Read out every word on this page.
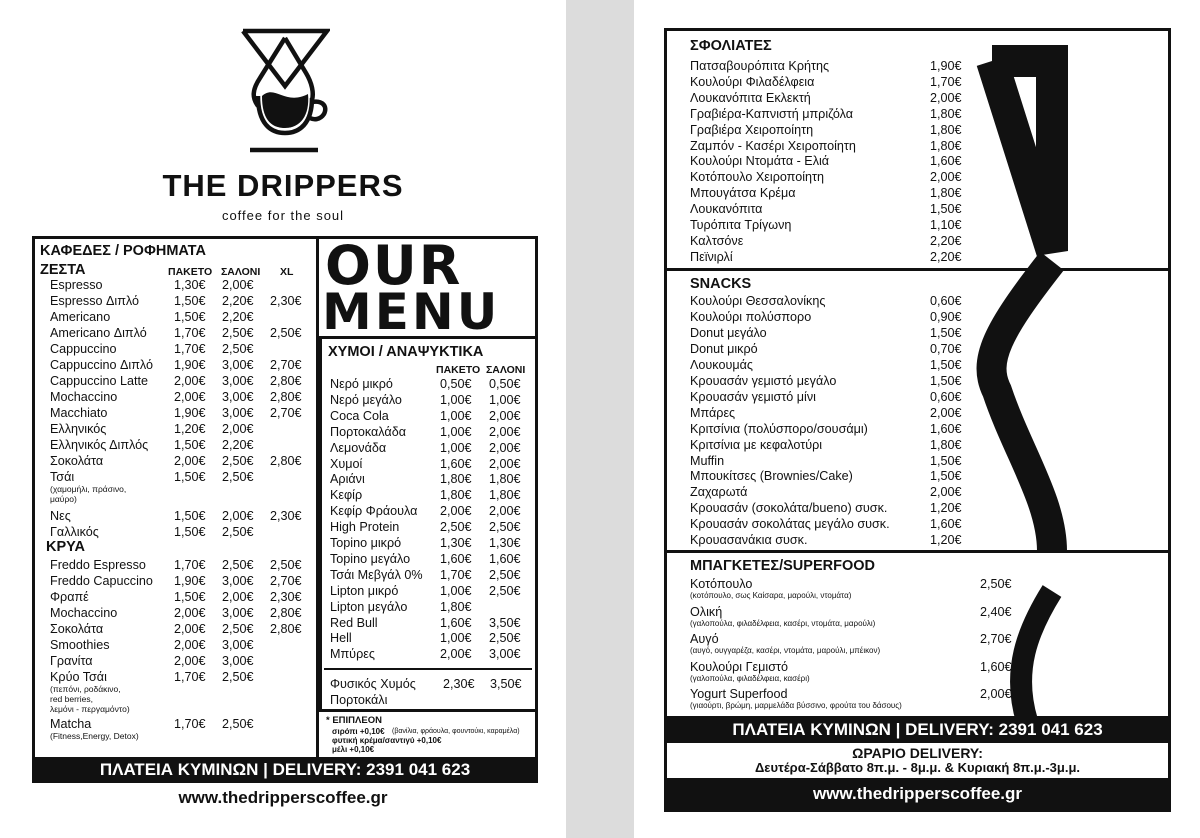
THE DRIPPERS
coffee for the soul
OUR
MENU
ΠΛΑΤΕΙΑ ΚΥΜΙΝΩΝ | DELIVERY: 2391 041 623
www.thedripperscoffee.gr
ΚΑΦΕΔΕΣ / ΡΟΦΗΜΑΤΑ
ΖΕΣΤΑ	ΠΑΚΕΤΟ ΣΑΛΟΝΙ XL
Espresso	1,30€ 2,00€
Espresso Διπλό	1,50€ 2,20€ 2,30€
Americano	1,50€ 2,20€
Americano Διπλό 1,70€ 2,50€ 2,50€
Cappuccino	1,70€ 2,50€
Cappuccino Διπλό 1,90€ 3,00€ 2,70€
Cappuccino Latte 2,00€ 3,00€ 2,80€
Mochaccino	2,00€ 3,00€ 2,80€
Macchiato	1,90€ 3,00€ 2,70€
Ελληνικός	1,20€ 2,00€
Ελληνικός Διπλός 1,50€ 2,20€
Σοκολάτα	2,00€ 2,50€ 2,80€
Τσάι	1,50€ 2,50€
(χαμομήλι, πράσινο,
μαύρο)
Νες	1,50€ 2,00€ 2,30€
Γαλλικός	1,50€ 2,50€
ΚΡΥΑ
Freddo Espresso 1,70€ 2,50€ 2,50€
Freddo Capuccino 1,90€ 3,00€ 2,70€
Φραπέ	1,50€ 2,00€ 2,30€
Mochaccino	2,00€ 3,00€ 2,80€
Σοκολάτα	2,00€ 2,50€ 2,80€
Smoothies	2,00€ 3,00€
Γρανίτα	2,00€ 3,00€
Κρύο Τσάι	1,70€ 2,50€
(πεπόνι, ροδάκινο,
red berries,
λεμόνι - περγαμόντο)
Matcha	1,70€ 2,50€
(Fitness,Energy, Detox)
ΧΥΜΟΙ / ΑΝΑΨΥΚΤΙΚΑ
ΠΑΚΕΤΟ ΣΑΛΟΝΙ
Νερό μικρό	0,50€ 0,50€
Νερό μεγάλο	1,00€ 1,00€
Coca Cola	1,00€ 2,00€
Πορτοκαλάδα	1,00€ 2,00€
Λεμονάδα	1,00€ 2,00€
Χυμοί	1,60€ 2,00€
Αριάνι	1,80€ 1,80€
Κεφίρ	1,80€ 1,80€
Κεφίρ Φράουλα 2,00€ 2,00€
High Protein	2,50€ 2,50€
Topino μικρό	1,30€ 1,30€
Topino μεγάλο 1,60€ 1,60€
Τσάι Μεβγάλ 0% 1,70€ 2,50€
Lipton μικρό	1,00€ 2,50€
Lipton μεγάλο	1,80€
Red Bull	1,60€ 3,50€
Hell	1,00€ 2,50€
Μπύρες	2,00€ 3,00€
Φυσικός Χυμός 2,30€ 3,50€
Πορτοκάλι
* ΕΠΙΠΛΕΟΝ
σιρόπι +0,10€ (βανίλια, φράουλα, φουντούκι, καραμέλα)
φυτική κρέμα/σαντιγύ +0,10€
μέλι +0,10€
ΠΛΑΤΕΙΑ ΚΥΜΙΝΩΝ | DELIVERY: 2391 041 623
ΩΡΑΡΙΟ DELIVERY:
Δευτέρα-Σάββατο 8π.μ. - 8μ.μ. & Κυριακή 8π.μ.-3μ.μ.
www.thedripperscoffee.gr
ΣΦΟΛΙΑΤΕΣ
Πατσαβουρόπιτα Κρήτης	1,90€
Κουλούρι Φιλαδέλφεια	1,70€
Λουκανόπιτα Εκλεκτή	2,00€
Γραβιέρα-Καπνιστή μπριζόλα	1,80€
Γραβιέρα Χειροποίητη	1,80€
Ζαμπόν - Κασέρι Χειροποίητη	1,80€
Κουλούρι Ντομάτα - Ελιά	1,60€
Κοτόπουλο Χειροποίητη	2,00€
Μπουγάτσα Κρέμα	1,80€
Λουκανόπιτα	1,50€
Τυρόπιτα Τρίγωνη	1,10€
Καλτσόνε	2,20€
Πεϊνιρλί	2,20€
SNACKS
Κουλούρι Θεσσαλονίκης	0,60€
Κουλούρι πολύσπορο	0,90€
Donut μεγάλο	1,50€
Donut μικρό	0,70€
Λουκουμάς	1,50€
Κρουασάν γεμιστό μεγάλο	1,50€
Κρουασάν γεμιστό μίνι	0,60€
Μπάρες	2,00€
Κριτσίνια (πολύσπορο/σουσάμι)	1,60€
Κριτσίνια με κεφαλοτύρι	1,80€
Muffin	1,50€
Μπουκίτσες (Brownies/Cake)	1,50€
Ζαχαρωτά	2,00€
Κρουασάν (σοκολάτα/bueno) συσκ.	1,20€
Κρουασάν σοκολάτας μεγάλο συσκ.	1,60€
Κρουασανάκια συσκ.	1,20€
ΜΠΑΓΚΕΤΕΣ/SUPERFOOD
Κοτόπουλο	2,50€
(κοτόπουλο, σως Καίσαρα, μαρούλι, ντομάτα)
Ολική	2,40€
(γαλοπούλα, φιλαδέλφεια, κασέρι, ντομάτα, μαρούλι)
Αυγό	2,70€
(αυγό, ουγγαρέζα, κασέρι, ντομάτα, μαρούλι, μπέικον)
Κουλούρι Γεμιστό	1,60€
(γαλοπούλα, φιλαδέλφεια, κασέρι)
Yogurt Superfood	2,00€
(γιαούρτι, βρώμη, μαρμελάδα βύσσινο, φρούτα του δάσους)
